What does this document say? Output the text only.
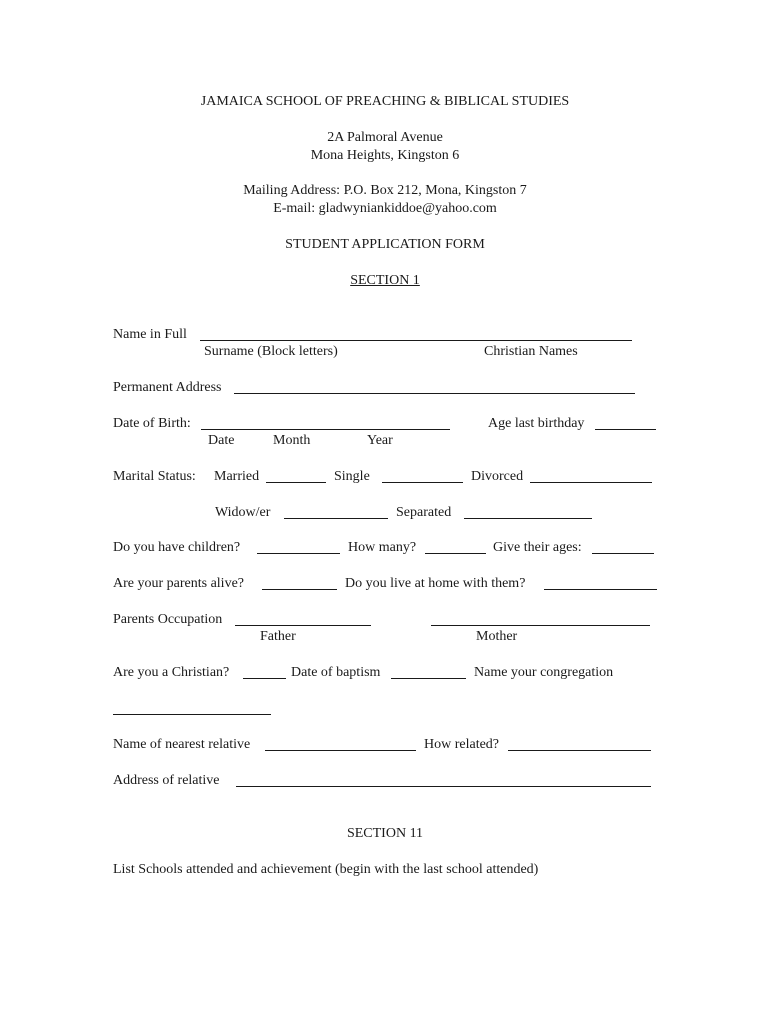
JAMAICA SCHOOL OF PREACHING & BIBLICAL STUDIES
2A Palmoral Avenue
Mona Heights, Kingston 6
Mailing Address: P.O. Box 212, Mona, Kingston 7
E-mail: gladwyniankiddoe@yahoo.com
STUDENT APPLICATION FORM
SECTION 1
Name in Full
Surname (Block letters)	Christian Names
Permanent Address
Date of Birth:	Age last birthday
Date	Month	Year
Marital Status: Married	Single	Divorced
Widow/er	Separated
Do you have children?	How many?	Give their ages:
Are your parents alive?	Do you live at home with them?
Parents Occupation
Father	Mother
Are you a Christian?	Date of baptism	Name your congregation
Name of nearest relative	How related?
Address of relative
SECTION 11
List Schools attended and achievement (begin with the last school attended)
